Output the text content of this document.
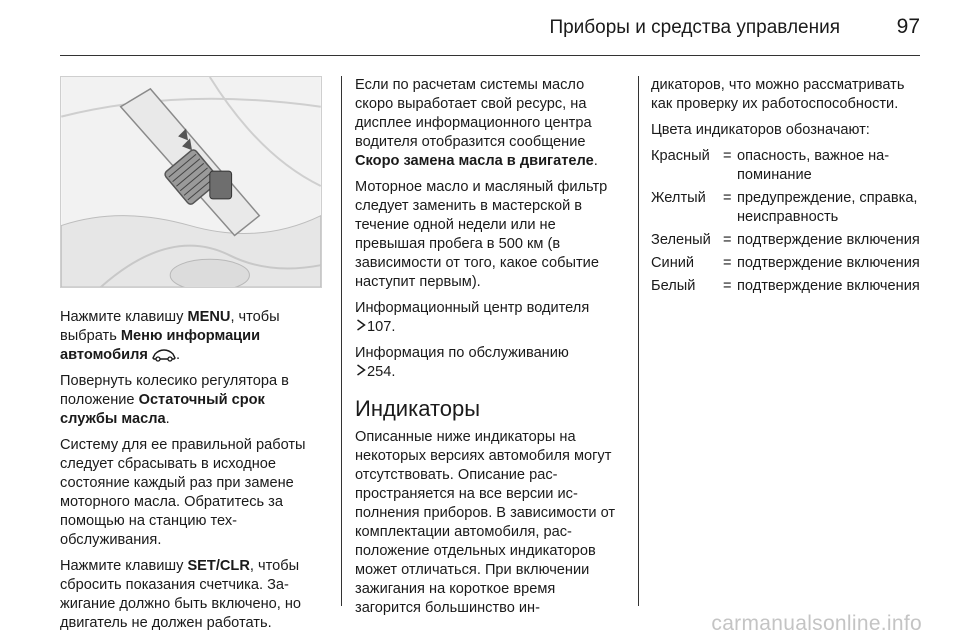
Приборы и средства управления	97

Нажмите клавишу MENU, чтобы выбрать Меню информации автомобиля .

Повернуть колесико регулятора в положение Остаточный срок службы масла.

Систему для ее правильной работы следует сбрасывать в исходное состояние каждый раз при замене моторного масла. Обратитесь за помощью на станцию техобслуживания.

Нажмите клавишу SET/CLR, чтобы сбросить показания счетчика. Зажигание должно быть включено, но двигатель не должен работать.

Если по расчетам системы масло скоро выработает свой ресурс, на дисплее информационного центра водителя отобразится сообщение Скоро замена масла в двигателе.

Моторное масло и масляный фильтр следует заменить в мастерской в течение одной недели или не превышая пробега в 500 км (в зависимости от того, какое событие наступит первым).

Информационный центр водителя
107.

Информация по обслуживанию
254.

Индикаторы

Описанные ниже индикаторы на некоторых версиях автомобиля могут отсутствовать. Описание распространяется на все версии исполнения приборов. В зависимости от комплектации автомобиля, расположение отдельных индикаторов может отличаться. При включении зажигания на короткое время загорится большинство ин-

дикаторов, что можно рассматривать как проверку их работоспособности.

Цвета индикаторов обозначают:

Красный	=	опасность, важное напоминание
Желтый	=	предупреждение, справка, неисправность
Зеленый	=	подтверждение включения
Синий	=	подтверждение включения
Белый	=	подтверждение включения
carmanualsonline.info
